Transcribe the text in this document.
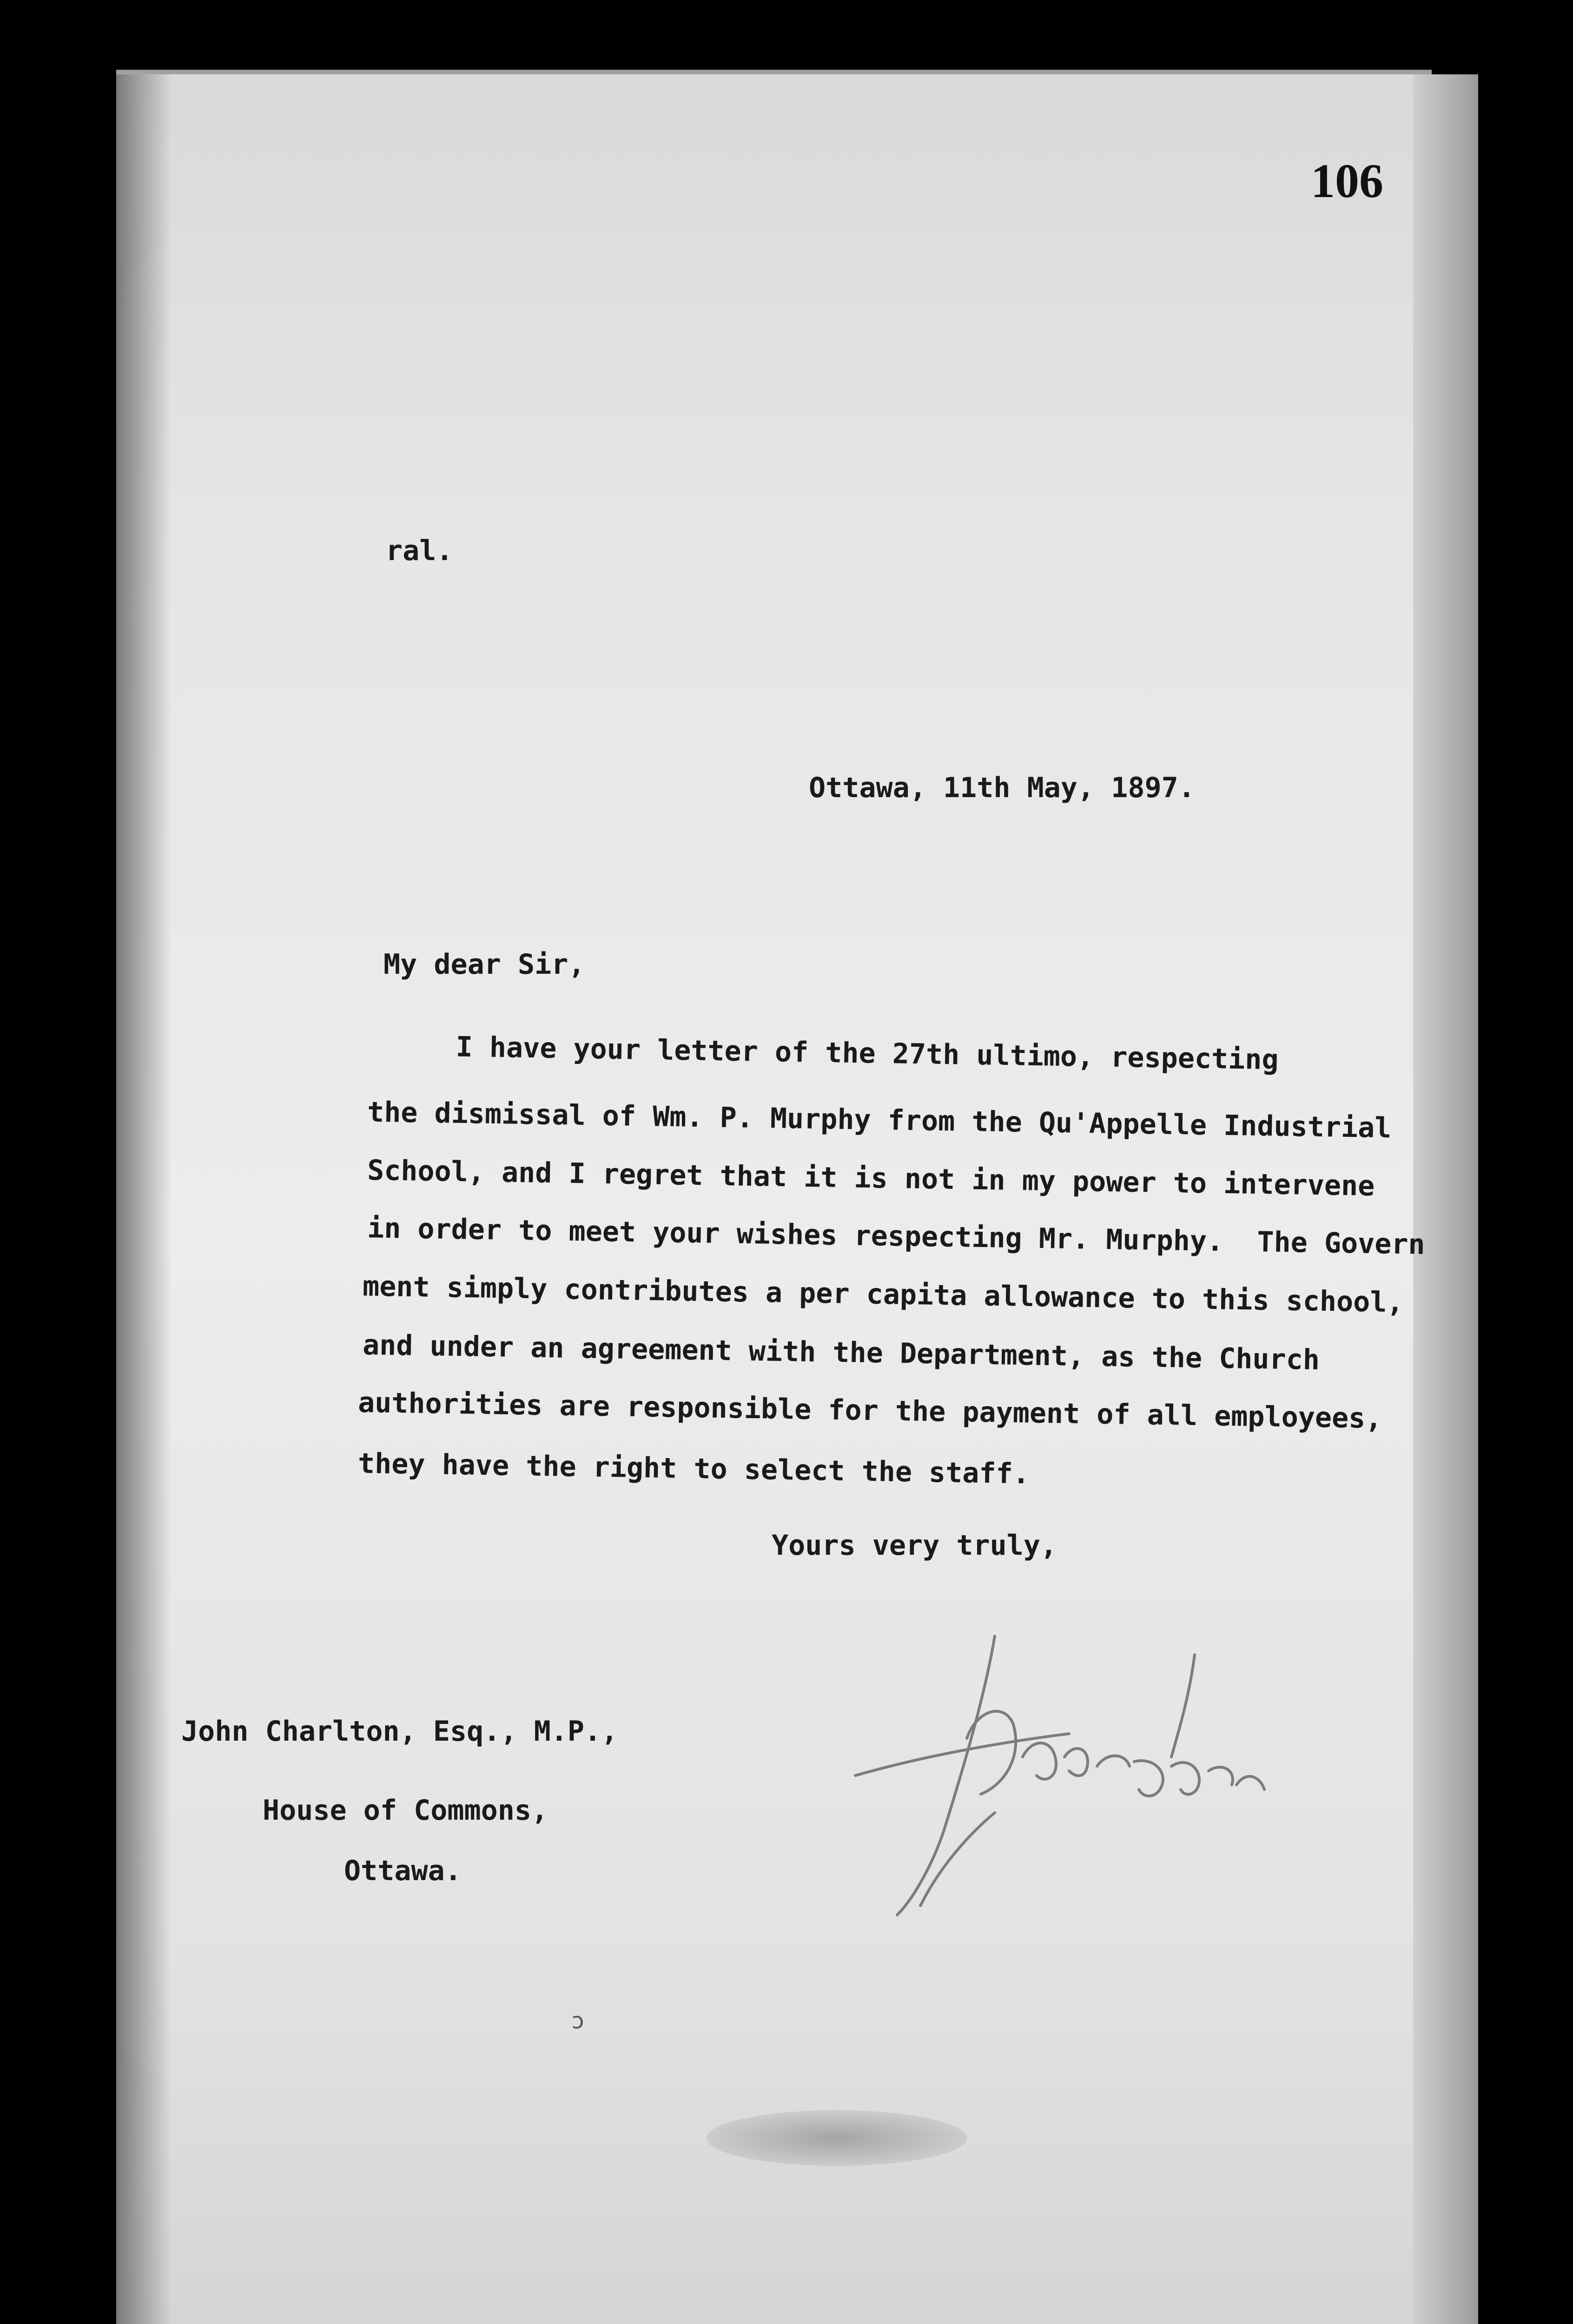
106
ral.
Ottawa, 11th May, 1897.
My dear Sir,
I have your letter of the 27th ultimo, respecting
the dismissal of Wm. P. Murphy from the Qu'Appelle Industrial
School, and I regret that it is not in my power to intervene
in order to meet your wishes respecting Mr. Murphy.  The Govern
ment simply contributes a per capita allowance to this school,
and under an agreement with the Department, as the Church
authorities are responsible for the payment of all employees,
they have the right to select the staff.
Yours very truly,
John Charlton, Esq., M.P.,
House of Commons,
Ottawa.
ↄ
